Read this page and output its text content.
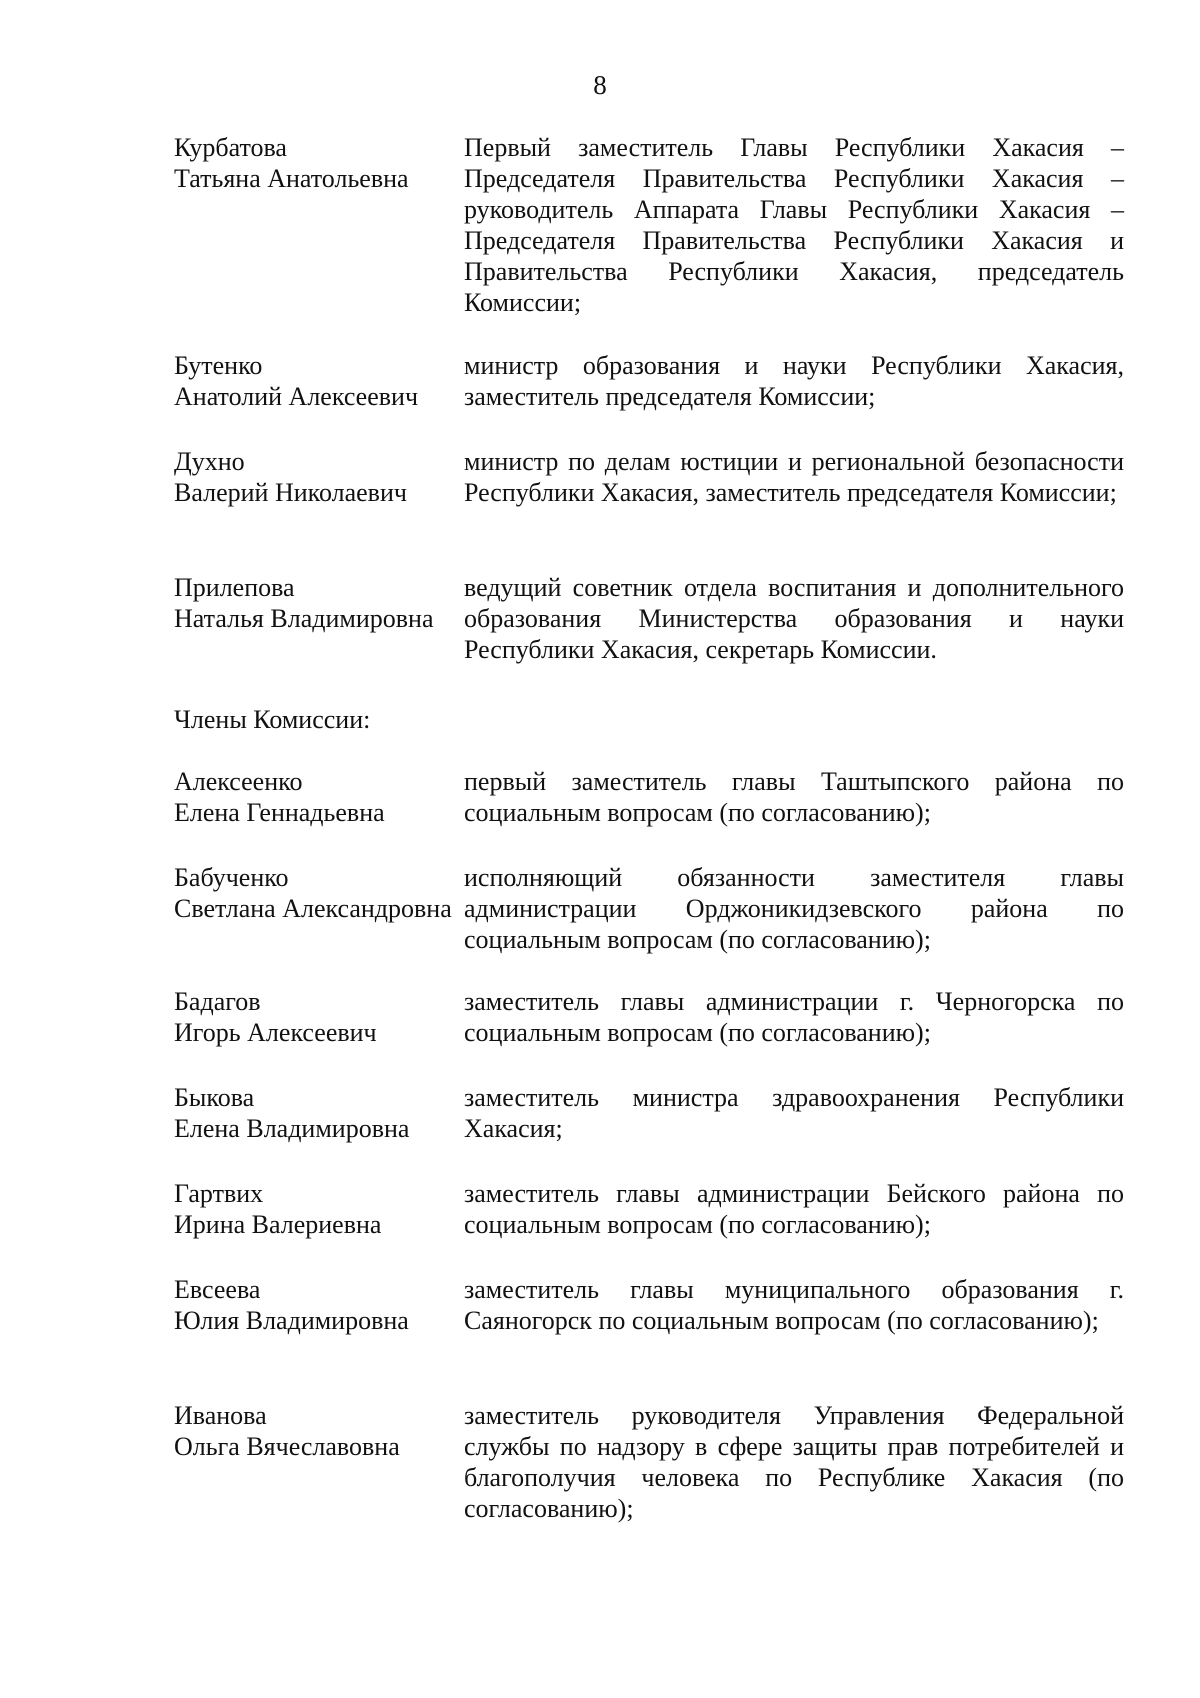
8
Курбатова
Татьяна Анатольевна
Первый заместитель Главы Республики Хакасия – Председателя Правительства Республики Хакасия – руководитель Аппарата Главы Республики Хакасия – Председателя Правительства Республики Хакасия и Правительства Республики Хакасия, председатель Комиссии;
Бутенко
Анатолий Алексеевич
министр образования и науки Республики Хакасия, заместитель председателя Комиссии;
Духно
Валерий Николаевич
министр по делам юстиции и региональной безопасности Республики Хакасия, заместитель председателя Комиссии;
Прилепова
Наталья Владимировна
ведущий советник отдела воспитания и дополнительного образования Министерства образования и науки Республики Хакасия, секретарь Комиссии.
Члены Комиссии:
Алексеенко
Елена Геннадьевна
первый заместитель главы Таштыпского района по социальным вопросам (по согласованию);
Бабученко
Светлана Александровна
исполняющий обязанности заместителя главы администрации Орджоникидзевского района по социальным вопросам (по согласованию);
Бадагов
Игорь Алексеевич
заместитель главы администрации г. Черногорска по социальным вопросам (по согласованию);
Быкова
Елена Владимировна
заместитель министра здравоохранения Республики Хакасия;
Гартвих
Ирина Валериевна
заместитель главы администрации Бейского района по социальным вопросам (по согласованию);
Евсеева
Юлия Владимировна
заместитель главы муниципального образования г. Саяногорск по социальным вопросам (по согласованию);
Иванова
Ольга Вячеславовна
заместитель руководителя Управления Федеральной службы по надзору в сфере защиты прав потребителей и благополучия человека по Республике Хакасия (по согласованию);
